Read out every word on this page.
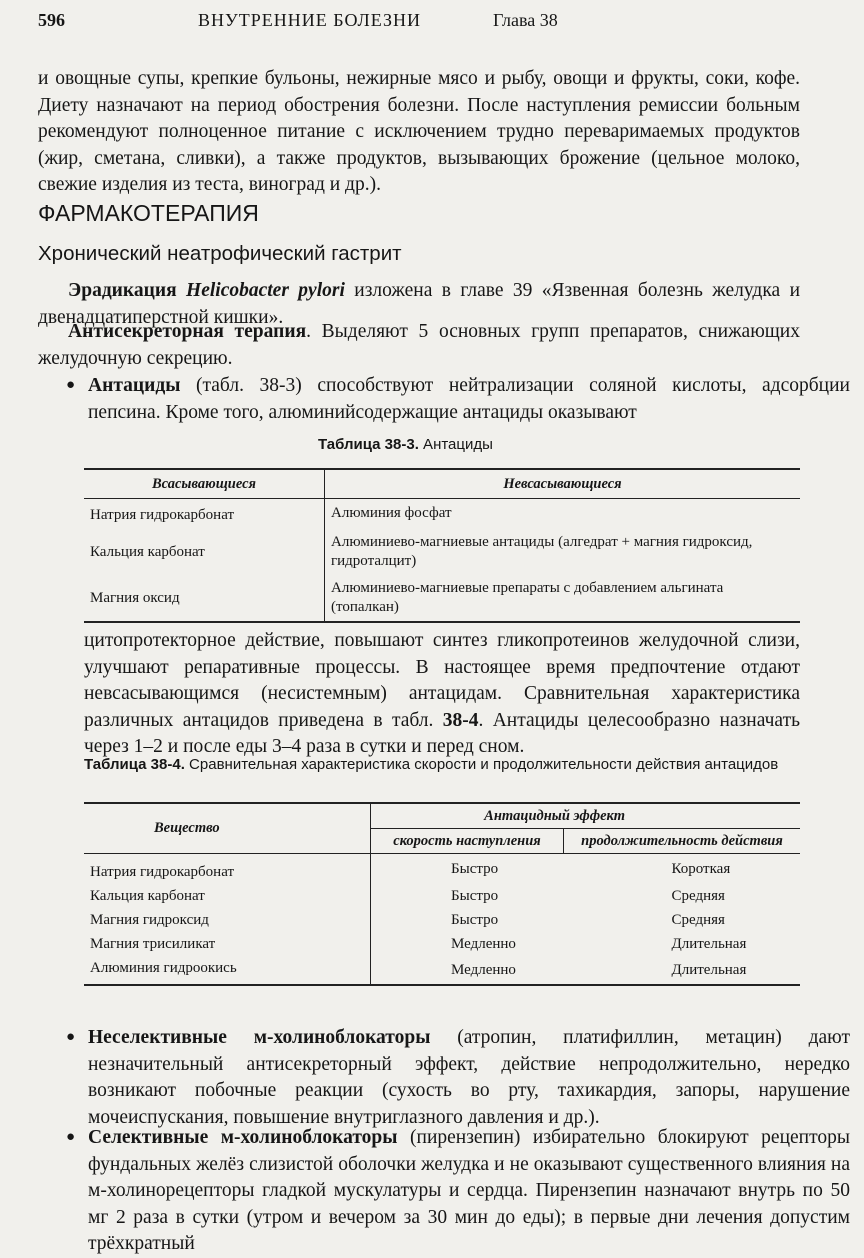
596	ВНУТРЕННИЕ БОЛЕЗНИ	Глава 38

и овощные супы, крепкие бульоны, нежирные мясо и рыбу, овощи и фрукты, соки, кофе. Диету назначают на период обострения болезни. После наступления ремиссии больным рекомендуют полноценное питание с исключением трудно переваримаемых продуктов (жир, сметана, сливки), а также продуктов, вызывающих брожение (цельное молоко, свежие изделия из теста, виноград и др.).

ФАРМАКОТЕРАПИЯ
Хронический неатрофический гастрит

Эрадикация Helicobacter pylori изложена в главе 39 «Язвенная болезнь желудка и двенадцатиперстной кишки».

Антисекреторная терапия. Выделяют 5 основных групп препаратов, снижающих желудочную секрецию.

● Антациды (табл. 38-3) способствуют нейтрализации соляной кислоты, адсорбции пепсина. Кроме того, алюминийсодержащие антациды оказывают

Таблица 38-3. Антациды
Всасывающиеся	Невсасывающиеся
Натрия гидрокарбонат	Алюминия фосфат
Кальция карбонат	Алюминиево-магниевые антациды (алгедрат + магния гидроксид, гидроталцит)
Магния оксид	Алюминиево-магниевые препараты с добавлением альгината (топалкан)

цитопротекторное действие, повышают синтез гликопротеинов желудочной слизи, улучшают репаративные процессы. В настоящее время предпочтение отдают невсасывающимся (несистемным) антацидам. Сравнительная характеристика различных антацидов приведена в табл. 38-4. Антациды целесообразно назначать через 1–2 и после еды 3–4 раза в сутки и перед сном.

Таблица 38-4. Сравнительная характеристика скорости и продолжительности действия антацидов
Вещество	Антацидный эффект	
	скорость наступления	продолжительность действия
Натрия гидрокарбонат	Быстро	Короткая
Кальция карбонат	Быстро	Средняя
Магния гидроксид	Быстро	Средняя
Магния трисиликат	Медленно	Длительная
Алюминия гидроокись	Медленно	Длительная

● Неселективные м-холиноблокаторы (атропин, платифиллин, метацин) дают незначительный антисекреторный эффект, действие непродолжительно, нередко возникают побочные реакции (сухость во рту, тахикардия, запоры, нарушение мочеиспускания, повышение внутриглазного давления и др.).

● Селективные м-холиноблокаторы (пирензепин) избирательно блокируют рецепторы фундальных желёз слизистой оболочки желудка и не оказывают существенного влияния на м-холинорецепторы гладкой мускулатуры и сердца. Пирензепин назначают внутрь по 50 мг 2 раза в сутки (утром и вечером за 30 мин до еды); в первые дни лечения допустим трёхкратный
